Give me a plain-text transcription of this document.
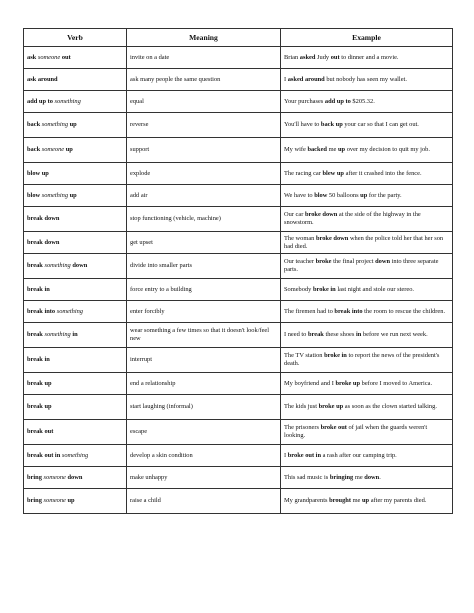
Verb	Meaning	Example
ask someone out	invite on a date	Brian asked Judy out to dinner and a movie.
ask around	ask many people the same question	I asked around but nobody has seen my wallet.
add up to something	equal	Your purchases add up to $205.32.
back something up	reverse	You'll have to back up your car so that I can get out.
back someone up	support	My wife backed me up over my decision to quit my job.
blow up	explode	The racing car blew up after it crashed into the fence.
blow something up	add air	We have to blow 50 balloons up for the party.
break down	stop functioning (vehicle, machine)	Our car broke down at the side of the highway in the snowstorm.
break down	get upset	The woman broke down when the police told her that her son had died.
break something down	divide into smaller parts	Our teacher broke the final project down into three separate parts.
break in	force entry to a building	Somebody broke in last night and stole our stereo.
break into something	enter forcibly	The firemen had to break into the room to rescue the children.
break something in	wear something a few times so that it doesn't look/feel new	I need to break these shoes in before we run next week.
break in	interrupt	The TV station broke in to report the news of the president's death.
break up	end a relationship	My boyfriend and I broke up before I moved to America.
break up	start laughing (informal)	The kids just broke up as soon as the clown started talking.
break out	escape	The prisoners broke out of jail when the guards weren't looking.
break out in something	develop a skin condition	I broke out in a rash after our camping trip.
bring someone down	make unhappy	This sad music is bringing me down.
bring someone up	raise a child	My grandparents brought me up after my parents died.
